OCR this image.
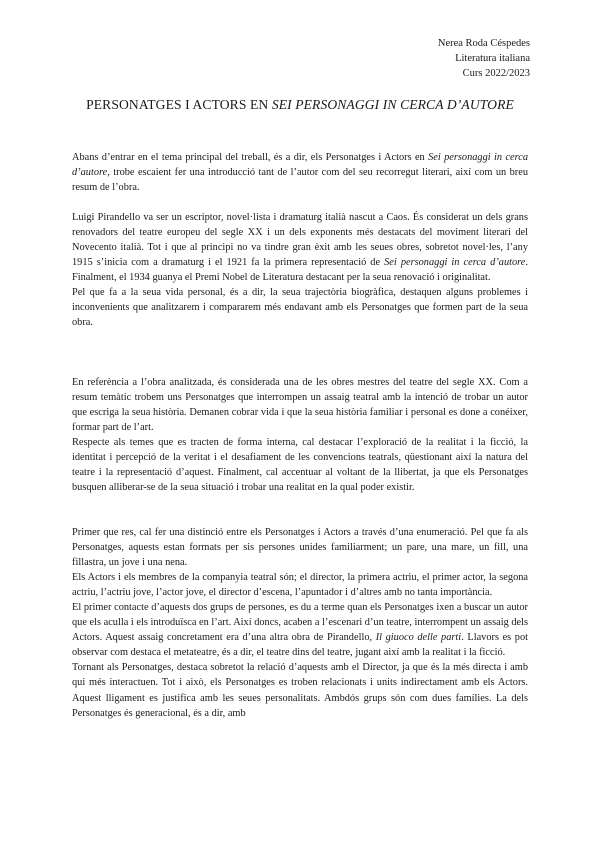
Nerea Roda Céspedes
Literatura italiana
Curs 2022/2023
PERSONATGES I ACTORS EN SEI PERSONAGGI IN CERCA D’AUTORE

Abans d’entrar en el tema principal del treball, és a dir, els Personatges i Actors en Sei personaggi in cerca d’autore, trobe escaient fer una introducció tant de l’autor com del seu recorregut literari, així com un breu resum de l’obra.

Luigi Pirandello va ser un escriptor, novel·lista i dramaturg italià nascut a Caos. És considerat un dels grans renovadors del teatre europeu del segle XX i un dels exponents més destacats del moviment literari del Novecento italià. Tot i que al principi no va tindre gran èxit amb les seues obres, sobretot novel·les, l’any 1915 s’inicia com a dramaturg i el 1921 fa la primera representació de Sei personaggi in cerca d’autore. Finalment, el 1934 guanya el Premi Nobel de Literatura destacant per la seua renovació i originalitat.

Pel que fa a la seua vida personal, és a dir, la seua trajectòria biogràfica, destaquen alguns problemes i inconvenients que analitzarem i compararem més endavant amb els Personatges que formen part de la seua obra.

En referència a l’obra analitzada, és considerada una de les obres mestres del teatre del segle XX. Com a resum temàtic trobem uns Personatges que interrompen un assaig teatral amb la intenció de trobar un autor que escriga la seua història. Demanen cobrar vida i que la seua història familiar i personal es done a conéixer, formar part de l’art.

Respecte als temes que es tracten de forma interna, cal destacar l’exploració de la realitat i la ficció, la identitat i percepció de la veritat i el desafiament de les convencions teatrals, qüestionant així la natura del teatre i la representació d’aquest. Finalment, cal accentuar al voltant de la llibertat, ja que els Personatges busquen alliberar-se de la seua situació i trobar una realitat en la qual poder existir.

Primer que res, cal fer una distinció entre els Personatges i Actors a través d’una enumeració. Pel que fa als Personatges, aquests estan formats per sis persones unides familiarment; un pare, una mare, un fill, una fillastra, un jove i una nena.

Els Actors i els membres de la companyia teatral són; el director, la primera actriu, el primer actor, la segona actriu, l’actriu jove, l’actor jove, el director d’escena, l’apuntador i d’altres amb no tanta importància.

El primer contacte d’aquests dos grups de persones, es du a terme quan els Personatges ixen a buscar un autor que els aculla i els introduïsca en l’art. Així doncs, acaben a l’escenari d’un teatre, interrompent un assaig dels Actors. Aquest assaig concretament era d’una altra obra de Pirandello, Il giuoco delle parti. Llavors es pot observar com destaca el metateatre, és a dir, el teatre dins del teatre, jugant així amb la realitat i la ficció.

Tornant als Personatges, destaca sobretot la relació d’aquests amb el Director, ja que és la més directa i amb qui més interactuen. Tot i això, els Personatges es troben relacionats i units indirectament amb els Actors. Aquest lligament es justifica amb les seues personalitats. Ambdós grups són com dues famílies. La dels Personatges és generacional, és a dir, amb
